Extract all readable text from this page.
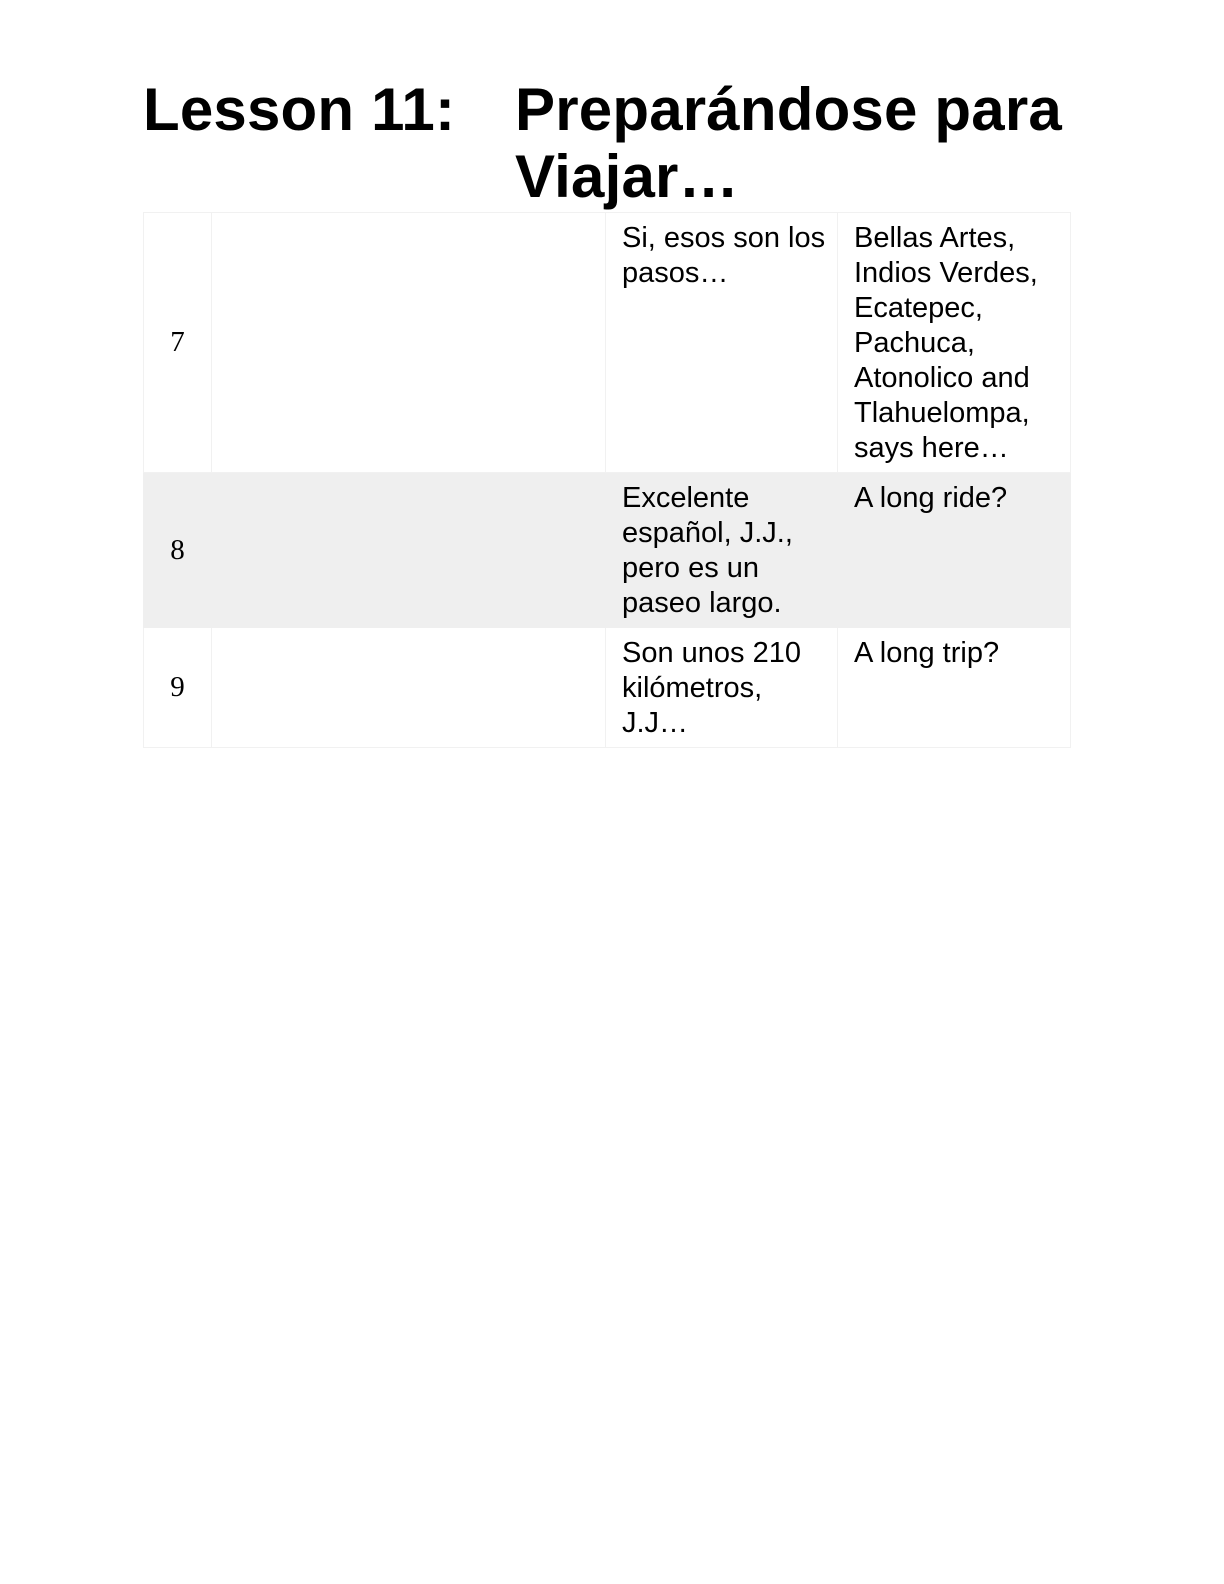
Lesson 11: Preparándose para Viajar…
7		Si, esos son los pasos…	Bellas Artes, Indios Verdes, Ecatepec, Pachuca, Atonolico and Tlahuelompa, says here…
8		Excelente español, J.J., pero es un paseo largo.	A long ride?
9		Son unos 210 kilómetros, J.J…	A long trip?
